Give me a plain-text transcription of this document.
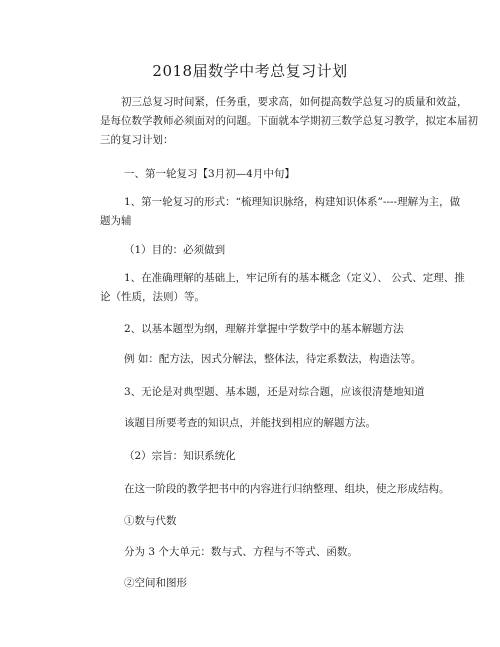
2018届数学中考总复习计划

初三总复习时间紧，任务重，要求高，如何提高数学总复习的质量和效益，
是每位数学教师必须面对的问题。下面就本学期初三数学总复习教学，拟定本届初
三的复习计划：

一、第一轮复习【3月初—4月中旬】

1、第一轮复习的形式：“梳理知识脉络，构建知识体系”----理解为主，做
题为辅

（1）目的：必须做到

1、在准确理解的基础上，牢记所有的基本概念（定义）、 公式、定理、推
论（性质，法则）等。

2、以基本题型为纲，理解并掌握中学数学中的基本解题方法

例 如：配方法，因式分解法，整体法，待定系数法，构造法等。

3、无论是对典型题、基本题，还是对综合题，应该很清楚地知道

该题目所要考查的知识点，并能找到相应的解题方法。

（2）宗旨：知识系统化

在这一阶段的教学把书中的内容进行归纳整理、组块，使之形成结构。

①数与代数

分为 3 个大单元：数与式、方程与不等式、函数。

②空间和图形
